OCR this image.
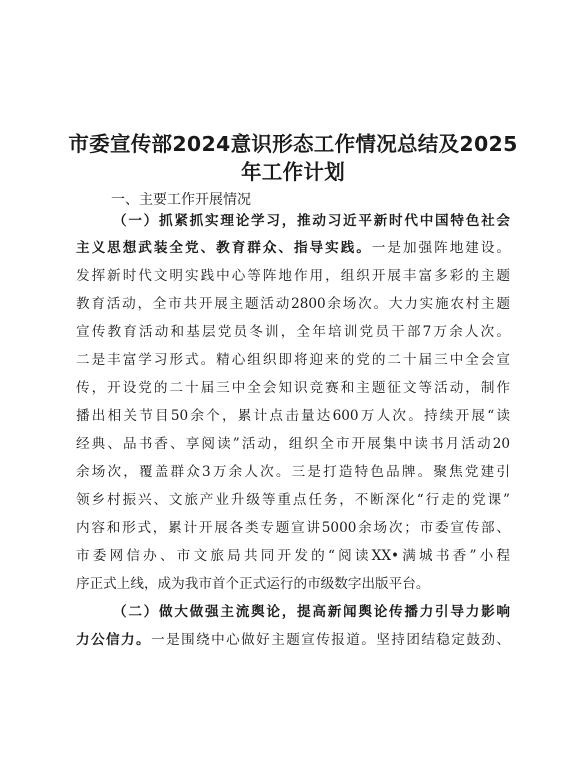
市委宣传部2024意识形态工作情况总结及2025
年工作计划
一、主要工作开展情况
（一）抓紧抓实理论学习，推动习近平新时代中国特色社会
主义思想武装全党、教育群众、指导实践。一是加强阵地建设。
发挥新时代文明实践中心等阵地作用，组织开展丰富多彩的主题
教育活动，全市共开展主题活动2800余场次。大力实施农村主题
宣传教育活动和基层党员冬训，全年培训党员干部7万余人次。
二是丰富学习形式。精心组织即将迎来的党的二十届三中全会宣
传，开设党的二十届三中全会知识竞赛和主题征文等活动，制作
播出相关节目50余个，累计点击量达600万人次。持续开展“读
经典、品书香、享阅读”活动，组织全市开展集中读书月活动20
余场次，覆盖群众3万余人次。三是打造特色品牌。聚焦党建引
领乡村振兴、文旅产业升级等重点任务，不断深化“行走的党课”
内容和形式，累计开展各类专题宣讲5000余场次；市委宣传部、
市委网信办、市文旅局共同开发的“阅读XX•满城书香”小程
序正式上线，成为我市首个正式运行的市级数字出版平台。
（二）做大做强主流舆论，提高新闻舆论传播力引导力影响
力公信力。一是围绕中心做好主题宣传报道。坚持团结稳定鼓劲、
